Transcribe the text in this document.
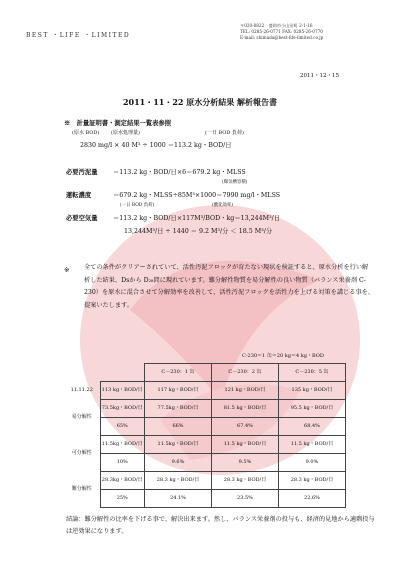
BEST ・LIFE ・LIMITED
〒020-0822　盛岡市小山田町 2-1-16
TEL: 0285-26-0771 FAX: 0285-26-0770
E-mail: shimada@best-life-limited.co.jp
2011・12・15
2011・11・22 原水分析結果 解析報告書
※　計量証明書・測定結果一覧表参照
(原水 BOD) (原水処理量)	(一日 BOD 負荷)
2830 mg/l × 40 M³ ÷ 1000 ＝113.2 kg・BOD/日
必要汚泥量 ＝113.2 kg・BOD/日×6＝679.2 kg・MLSS
(曝気槽容積)
運転濃度	＝679.2 kg・MLSS÷85M³×1000＝7990 mg/l・MLSS
(一日 BOD 負荷)	(酸化効率)
必要空気量 ＝113.2 kg・BOD/日×117M³/BOD・kg＝13,244M³/日
13,244M³/日 ÷ 1440 ＝ 9.2 M³/分 ＜ 18.5 M³/分
※ 全ての条件がクリアーされていて、活性汚泥フロックが育たない現状を検証すると、原水分析を行い解析した結果、Dsから D₂₈間に現れています。難分解性物質を易分解性の良い物質（バランス栄養剤 C-230）を原水に混合させて分解効率を改善して、活性汚泥フロックを活性力を上げる対策を講じる事を、提案いたします。
C-230＝1 缶＝20 kg＝4 kg・BOD
		C－230：1 缶	C－230：2 缶	C－230：5 缶
11.11.22	113 kg・BOD/日	117 kg・BOD/日	121 kg・BOD/日	135 kg・BOD/日
易分解性	73.5kg・BOD/日	77.5kg・BOD/日	81.5 kg・BOD/日	95.5 kg・BOD/日
	65%	66%	67.4%	68.4%
可分解性	11.5kg・BOD/日	11.5kg・BOD/日	11.5 kg・BOD/日	11.5 kg・BOD/日
	10%	9.6%	9.5%	9.0%
難分解性	28.3kg・BOD/日	28.3 kg・BOD/日	28.3 kg・BOD/日	28.3 kg・BOD/日
	25%	24.1%	23.5%	22.6%
結論：難分解性の比率を下げる事で、解決出来ます。然し、バランス栄養剤の投与も、経済的見地から適剰投与は逆効果になります。
